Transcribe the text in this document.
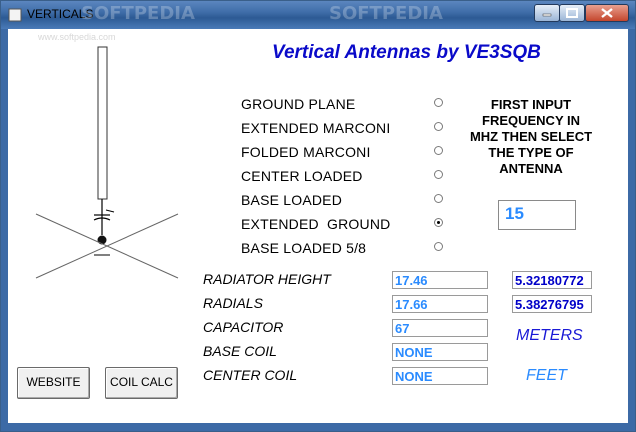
VERTICALS
SOFTPEDIA	SOFTPEDIA
www.softpedia.com
Vertical Antennas by VE3SQB
GROUND PLANE
EXTENDED MARCONI
FOLDED MARCONI
CENTER LOADED
BASE LOADED
EXTENDED  GROUND
BASE LOADED 5/8
FIRST INPUT
FREQUENCY IN
MHZ THEN SELECT
THE TYPE OF
ANTENNA
15
RADIATOR HEIGHT
RADIALS
CAPACITOR
BASE COIL
CENTER COIL
17.46
17.66
67
NONE
NONE
5.32180772
5.38276795
METERS
FEET
WEBSITE	COIL CALC
